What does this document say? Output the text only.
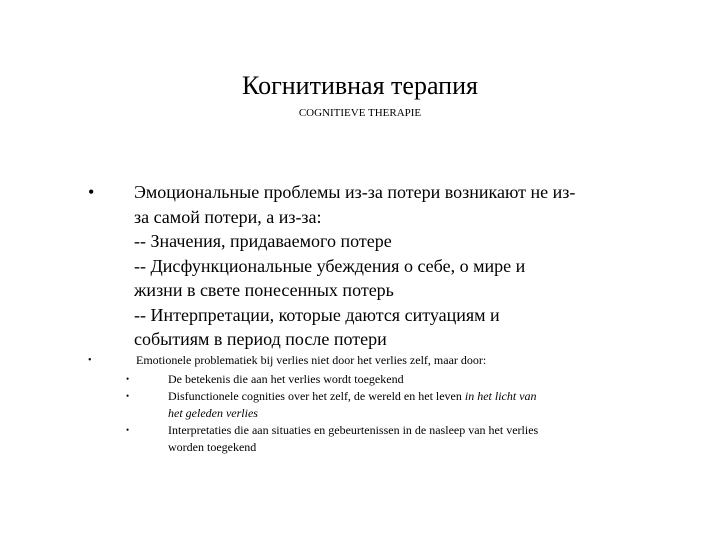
Когнитивная терапия
COGNITIEVE THERAPIE
• Эмоциональные проблемы из-за потери возникают не из-
за самой потери, а из-за:
-- Значения, придаваемого потере
-- Дисфункциональные убеждения о себе, о мире и
жизни в свете понесенных потерь
-- Интерпретации, которые даются ситуациям и
событиям в период после потери
•	Emotionele problematiek bij verlies niet door het verlies zelf, maar door:
•	De betekenis die aan het verlies wordt toegekend
•	Disfunctionele cognities over het zelf, de wereld en het leven in het licht van
het geleden verlies
•	Interpretaties die aan situaties en gebeurtenissen in de nasleep van het verlies
worden toegekend
